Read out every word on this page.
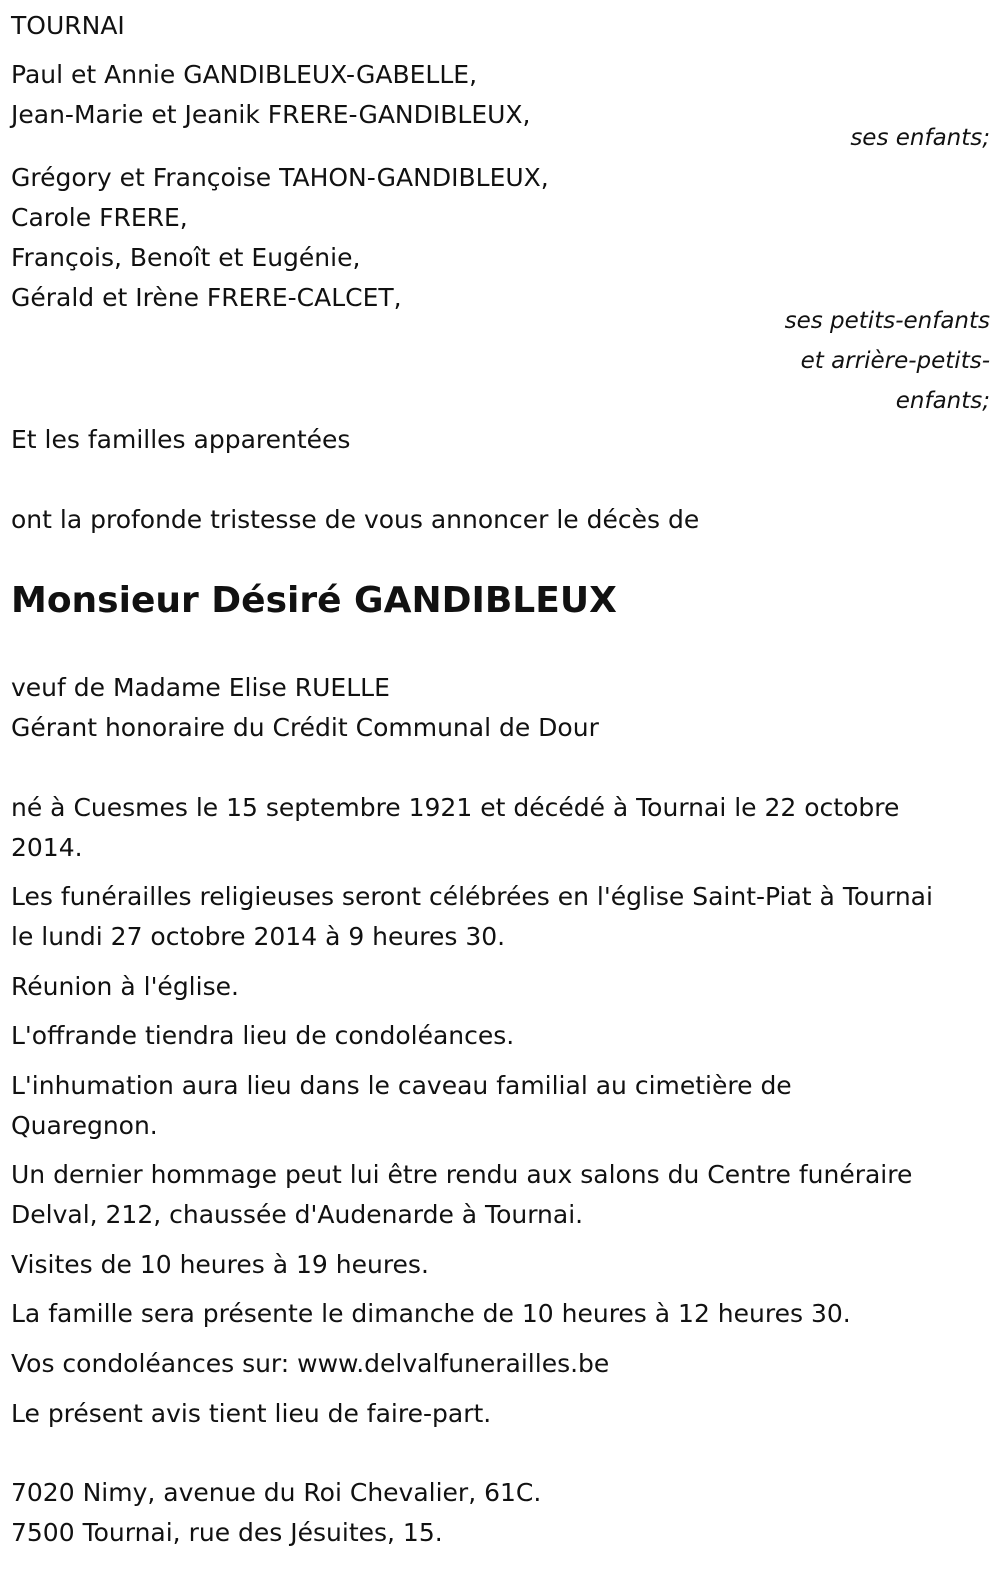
TOURNAI
Paul et Annie GANDIBLEUX-GABELLE,
Jean-Marie et Jeanik FRERE-GANDIBLEUX,
ses enfants;
Grégory et Françoise TAHON-GANDIBLEUX,
Carole FRERE,
François, Benoît et Eugénie,
Gérald et Irène FRERE-CALCET,
ses petits-enfants
et arrière-petits-
enfants;
Et les familles apparentées
ont la profonde tristesse de vous annoncer le décès de
Monsieur Désiré GANDIBLEUX
veuf de Madame Elise RUELLE
Gérant honoraire du Crédit Communal de Dour
né à Cuesmes le 15 septembre 1921 et décédé à Tournai le 22 octobre
2014.
Les funérailles religieuses seront célébrées en l'église Saint-Piat à Tournai
le lundi 27 octobre 2014 à 9 heures 30.
Réunion à l'église.
L'offrande tiendra lieu de condoléances.
L'inhumation aura lieu dans le caveau familial au cimetière de
Quaregnon.
Un dernier hommage peut lui être rendu aux salons du Centre funéraire
Delval, 212, chaussée d'Audenarde à Tournai.
Visites de 10 heures à 19 heures.
La famille sera présente le dimanche de 10 heures à 12 heures 30.
Vos condoléances sur: www.delvalfunerailles.be
Le présent avis tient lieu de faire-part.
7020 Nimy, avenue du Roi Chevalier, 61C.
7500 Tournai, rue des Jésuites, 15.
